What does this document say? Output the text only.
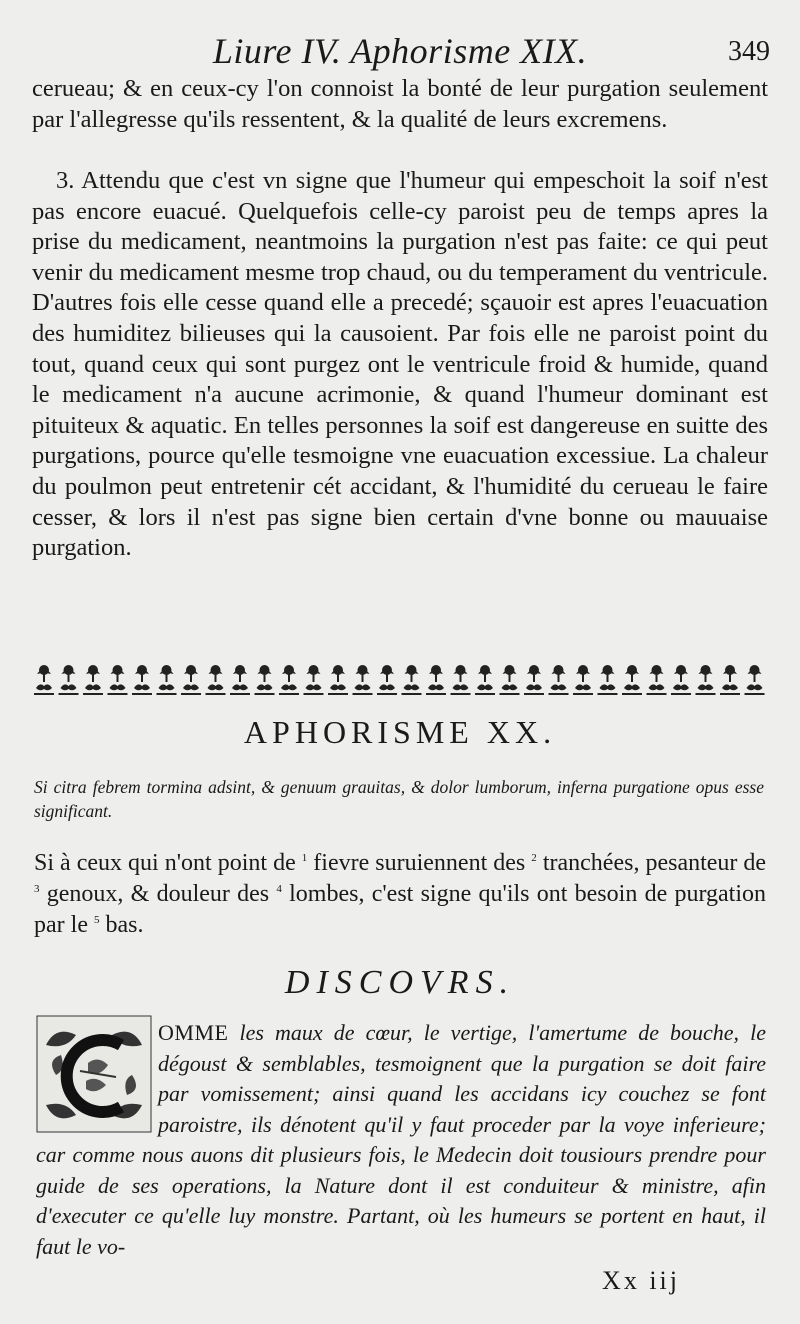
Liure IV. Aphorisme XIX.	349

cerueau; & en ceux-cy l'on connoist la bonté de leur purgation seulement par l'allegresse qu'ils ressentent, & la qualité de leurs excremens.

3. Attendu que c'est vn signe que l'humeur qui empeschoit la soif n'est pas encore euacué. Quelquefois celle-cy paroist peu de temps apres la prise du medicament, neantmoins la purgation n'est pas faite: ce qui peut venir du medicament mesme trop chaud, ou du temperament du ventricule. D'autres fois elle cesse quand elle a precedé; sçauoir est apres l'euacuation des humiditez bilieuses qui la causoient. Par fois elle ne paroist point du tout, quand ceux qui sont purgez ont le ventricule froid & humide, quand le medicament n'a aucune acrimonie, & quand l'humeur dominant est pituiteux & aquatic. En telles personnes la soif est dangereuse en suitte des purgations, pource qu'elle tesmoigne vne euacuation excessiue. La chaleur du poulmon peut entretenir cét accidant, & l'humidité du cerueau le faire cesser, & lors il n'est pas signe bien certain d'vne bonne ou mauuaise purgation.

APHORISME XX.

Si citra febrem tormina adsint, & genuum grauitas, & dolor lumborum, inferna purgatione opus esse significant.

Si à ceux qui n'ont point de $^1$ fievre suruiennent des $^2$ tranchées, pesanteur de $^3$ genoux, & douleur des $^4$ lombes, c'est signe qu'ils ont besoin de purgation par le $^5$ bas.

DISCOVRS.

OMME les maux de cœur, le vertige, l'amertume de bouche, le dégoust & semblables, tesmoignent que la purgation se doit faire par vomissement; ainsi quand les accidans icy couchez se font paroistre, ils dénotent qu'il y faut proceder par la voye inferieure; car comme nous auons dit plusieurs fois, le Medecin doit tousiours prendre pour guide de ses operations, la Nature dont il est conduiteur & ministre, afin d'executer ce qu'elle luy monstre. Partant, où les humeurs se portent en haut, il faut le vo-

Xx iij
